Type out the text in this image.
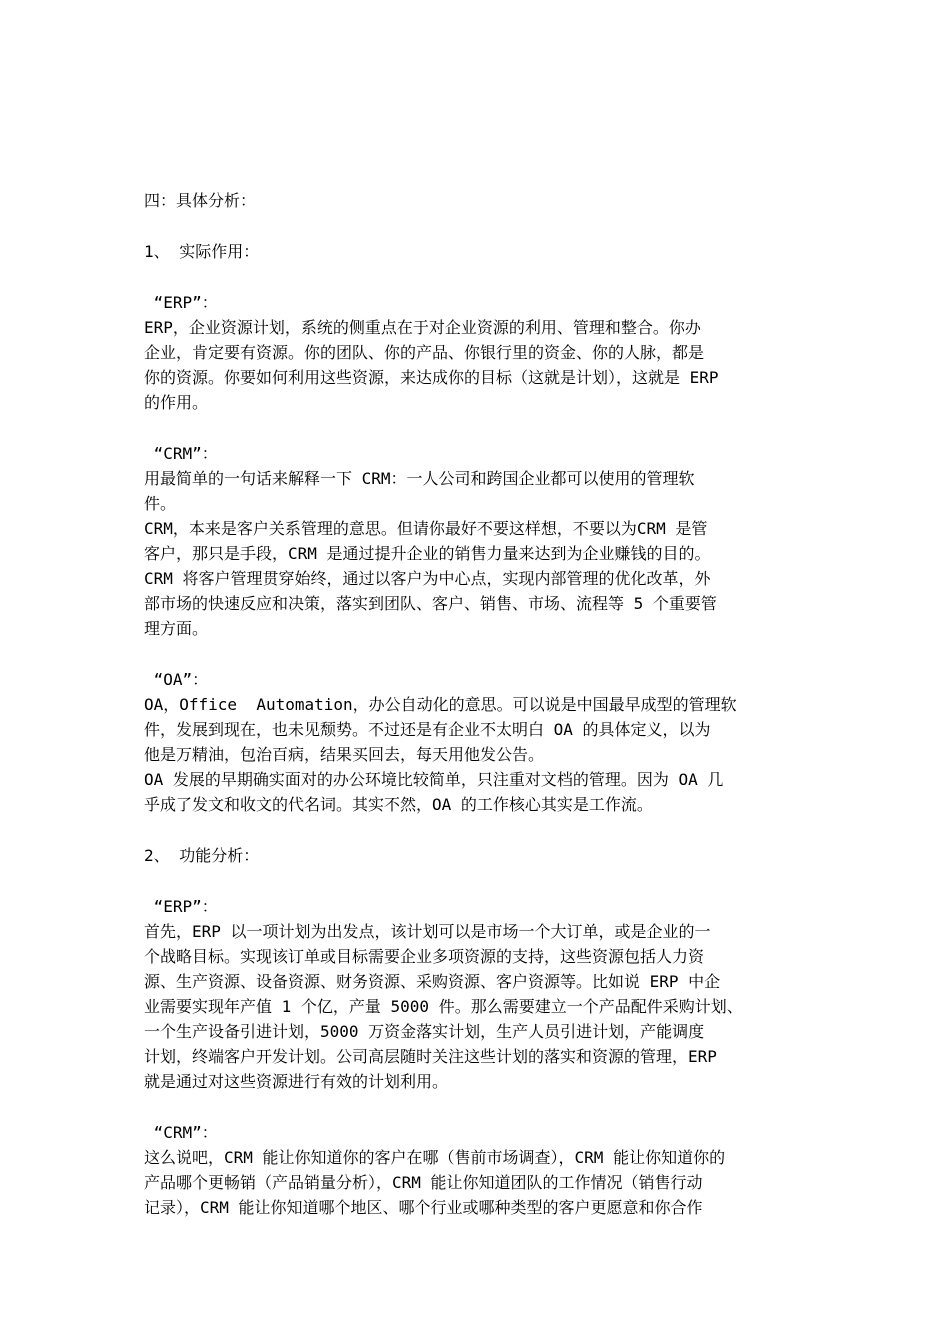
四：具体分析：
1、 实际作用：
“ERP”：
ERP，企业资源计划，系统的侧重点在于对企业资源的利用、管理和整合。你办
企业，肯定要有资源。你的团队、你的产品、你银行里的资金、你的人脉，都是
你的资源。你要如何利用这些资源，来达成你的目标（这就是计划），这就是 ERP
的作用。
“CRM”：
用最简单的一句话来解释一下 CRM：一人公司和跨国企业都可以使用的管理软
件。
CRM，本来是客户关系管理的意思。但请你最好不要这样想，不要以为CRM 是管
客户，那只是手段，CRM 是通过提升企业的销售力量来达到为企业赚钱的目的。
CRM 将客户管理贯穿始终，通过以客户为中心点，实现内部管理的优化改革，外
部市场的快速反应和决策，落实到团队、客户、销售、市场、流程等 5 个重要管
理方面。
“OA”：
OA，Office  Automation，办公自动化的意思。可以说是中国最早成型的管理软
件，发展到现在，也未见颓势。不过还是有企业不太明白 OA 的具体定义，以为
他是万精油，包治百病，结果买回去，每天用他发公告。
OA 发展的早期确实面对的办公环境比较简单，只注重对文档的管理。因为 OA 几
乎成了发文和收文的代名词。其实不然，OA 的工作核心其实是工作流。
2、 功能分析：
“ERP”：
首先，ERP 以一项计划为出发点，该计划可以是市场一个大订单，或是企业的一
个战略目标。实现该订单或目标需要企业多项资源的支持，这些资源包括人力资
源、生产资源、设备资源、财务资源、采购资源、客户资源等。比如说 ERP 中企
业需要实现年产值 1 个亿，产量 5000 件。那么需要建立一个产品配件采购计划、
一个生产设备引进计划，5000 万资金落实计划，生产人员引进计划，产能调度
计划，终端客户开发计划。公司高层随时关注这些计划的落实和资源的管理，ERP
就是通过对这些资源进行有效的计划利用。
“CRM”：
这么说吧，CRM 能让你知道你的客户在哪（售前市场调查），CRM 能让你知道你的
产品哪个更畅销（产品销量分析），CRM 能让你知道团队的工作情况（销售行动
记录），CRM 能让你知道哪个地区、哪个行业或哪种类型的客户更愿意和你合作
